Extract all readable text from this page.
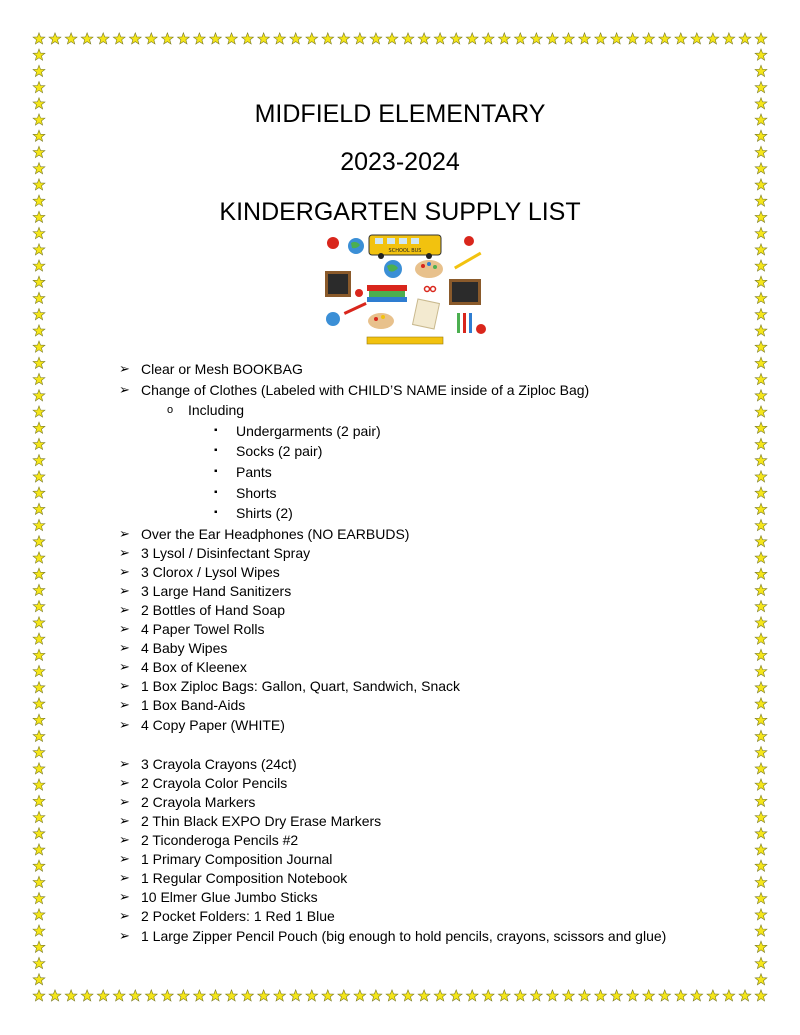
MIDFIELD ELEMENTARY
2023-2024
KINDERGARTEN SUPPLY LIST
SCHOOL BUS
➢ Clear or Mesh BOOKBAG
➢ Change of Clothes (Labeled with CHILD’S NAME inside of a Ziploc Bag)
o Including
▪ Undergarments (2 pair)
▪ Socks (2 pair)
▪ Pants
▪ Shorts
▪ Shirts (2)
➢ Over the Ear Headphones (NO EARBUDS)
➢ 3 Lysol / Disinfectant Spray
➢ 3 Clorox / Lysol Wipes
➢ 3 Large Hand Sanitizers
➢ 2 Bottles of Hand Soap
➢ 4 Paper Towel Rolls
➢ 4 Baby Wipes
➢ 4 Box of Kleenex
➢ 1 Box Ziploc Bags: Gallon, Quart, Sandwich, Snack
➢ 1 Box Band-Aids
➢ 4 Copy Paper (WHITE)
➢ 3 Crayola Crayons (24ct)
➢ 2 Crayola Color Pencils
➢ 2 Crayola Markers
➢ 2 Thin Black EXPO Dry Erase Markers
➢ 2 Ticonderoga Pencils #2
➢ 1 Primary Composition Journal
➢ 1 Regular Composition Notebook
➢ 10 Elmer Glue Jumbo Sticks
➢ 2 Pocket Folders: 1 Red 1 Blue
➢ 1 Large Zipper Pencil Pouch (big enough to hold pencils, crayons, scissors and glue)
